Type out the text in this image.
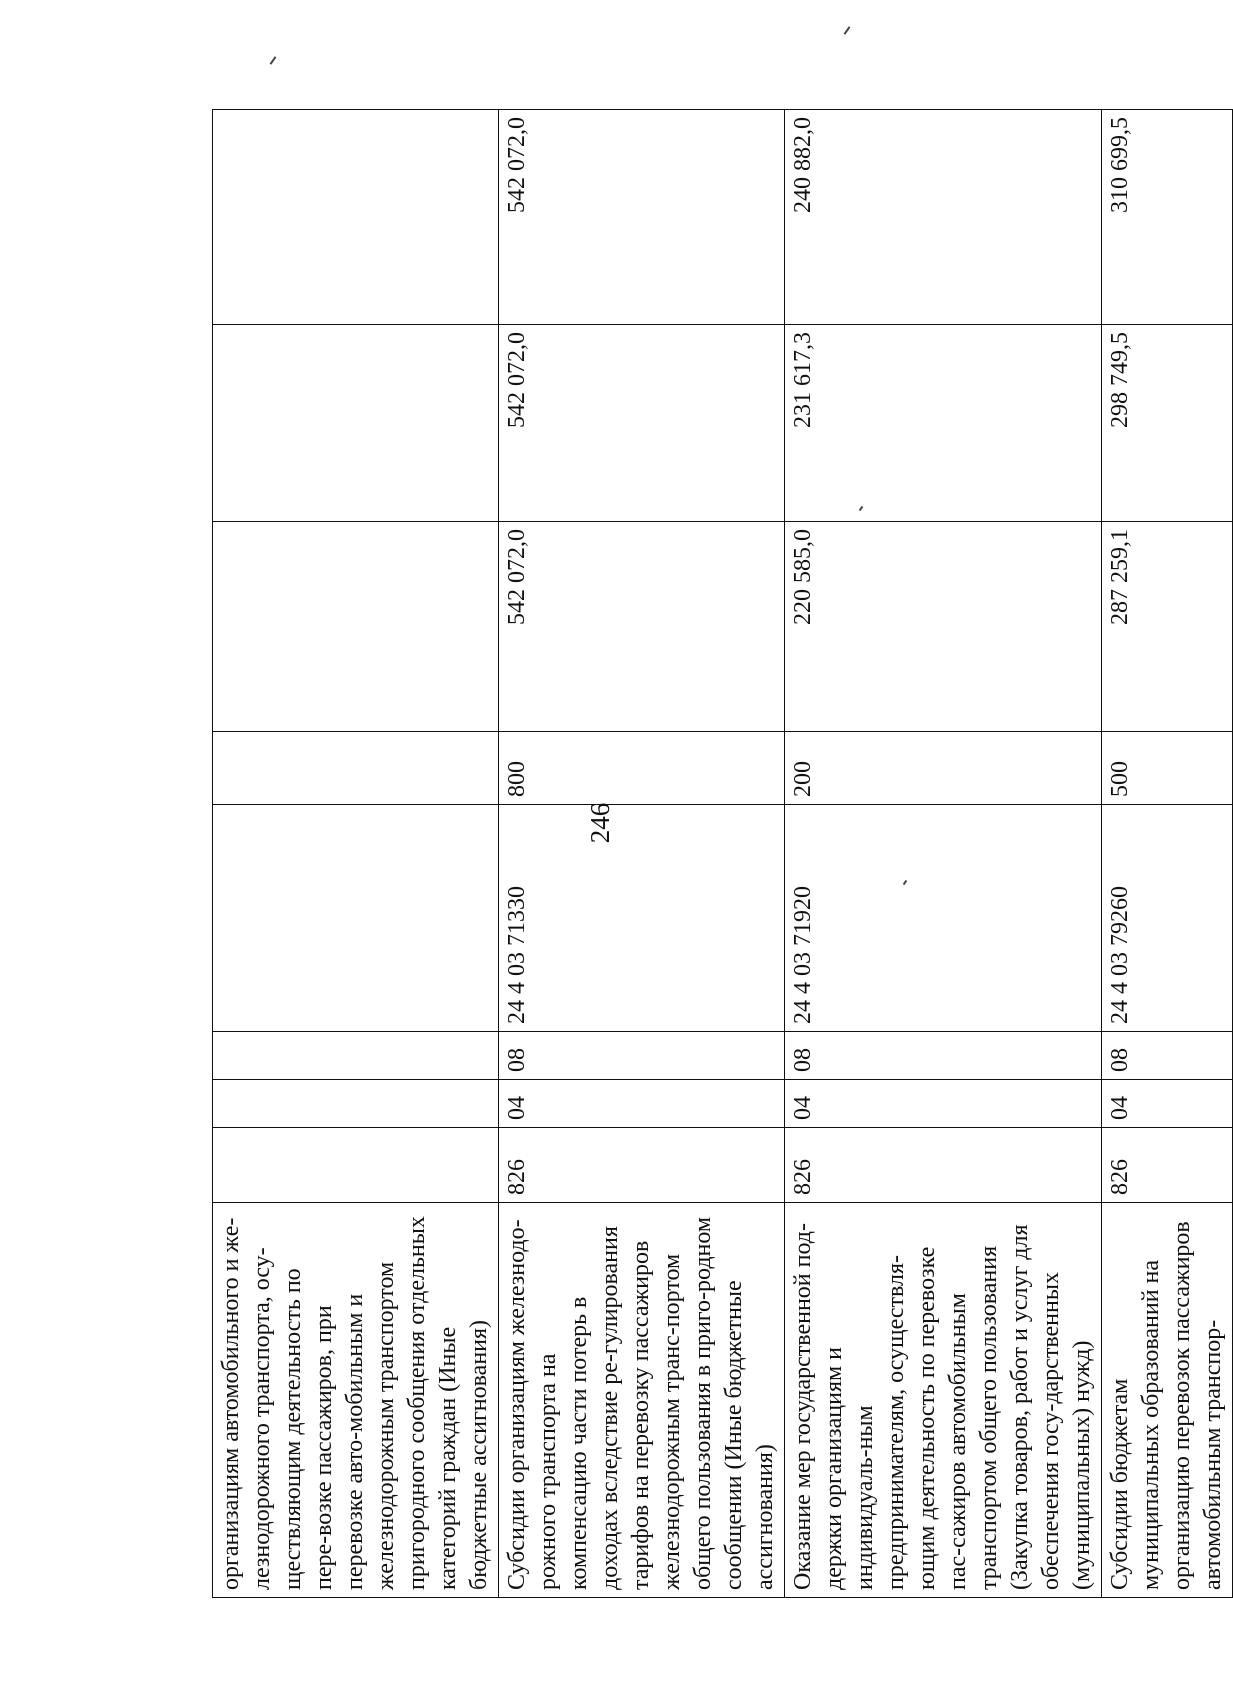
246
организациям автомобильного и же-лезнодорожного транспорта, осу-ществляющим деятельность по пере-возке пассажиров, при перевозке авто-мобильным и железнодорожным транспортом пригородного сообщения отдельных категорий граждан (Иные бюджетные ассигнования)								
Субсидии организациям железнодо-рожного транспорта на компенсацию части потерь в доходах вследствие ре-гулирования тарифов на перевозку пассажиров железнодорожным транс-портом общего пользования в приго-родном сообщении (Иные бюджетные ассигнования)	826	04	08	24 4 03 71330	800	542 072,0	542 072,0	542 072,0
Оказание мер государственной под-держки организациям и индивидуаль-ным предпринимателям, осуществля-ющим деятельность по перевозке пас-сажиров автомобильным транспортом общего пользования (Закупка товаров, работ и услуг для обеспечения госу-дарственных (муниципальных) нужд)	826	04	08	24 4 03 71920	200	220 585,0	231 617,3	240 882,0
Субсидии бюджетам муниципальных образований на организацию перевозок пассажиров автомобильным транспор-	826	04	08	24 4 03 79260	500	287 259,1	298 749,5	310 699,5
